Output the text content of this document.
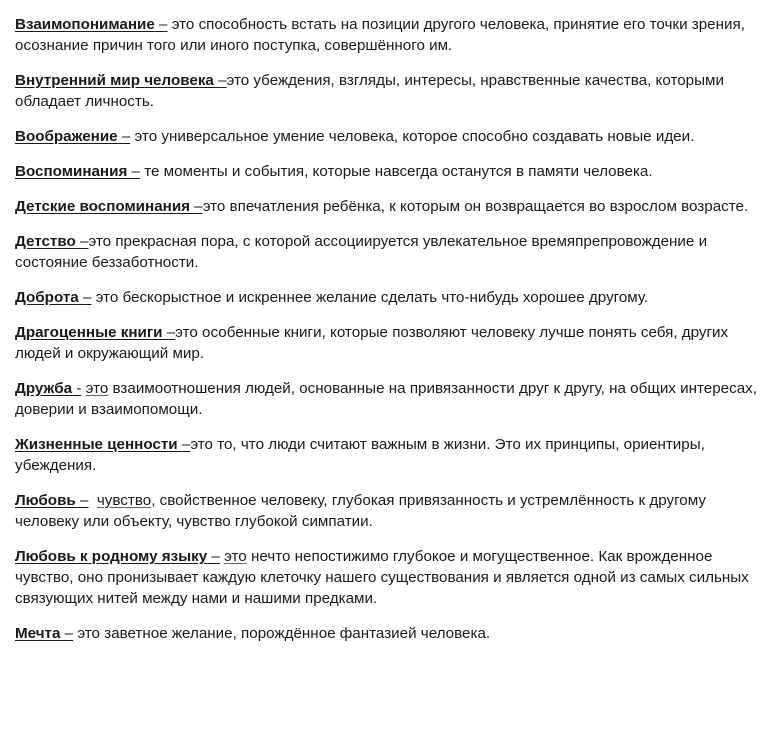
Взаимопонимание – это способность встать на позиции другого человека, принятие его точки зрения, осознание причин того или иного поступка, совершённого им.

Внутренний мир человека –это убеждения, взгляды, интересы, нравственные качества, которыми обладает личность.

Воображение – это универсальное умение человека, которое способно создавать новые идеи.

Воспоминания – те моменты и события, которые навсегда останутся в памяти человека.

Детские воспоминания –это впечатления ребёнка, к которым он возвращается во взрослом возрасте.

Детство –это прекрасная пора, с которой ассоциируется увлекательное времяпрепровождение и состояние беззаботности.

Доброта – это бескорыстное и искреннее желание сделать что-нибудь хорошее другому.

Драгоценные книги –это особенные книги, которые позволяют человеку лучше понять себя, других людей и окружающий мир.

Дружба - это взаимоотношения людей, основанные на привязанности друг к другу, на общих интересах, доверии и взаимопомощи.

Жизненные ценности –это то, что люди считают важным в жизни. Это их принципы, ориентиры, убеждения.

Любовь – чувство, свойственное человеку, глубокая привязанность и устремлённость к другому человеку или объекту, чувство глубокой симпатии.

Любовь к родному языку – это нечто непостижимо глубокое и могущественное. Как врожденное чувство, оно пронизывает каждую клеточку нашего существования и является одной из самых сильных связующих нитей между нами и нашими предками.

Мечта – это заветное желание, порождённое фантазией человека.
